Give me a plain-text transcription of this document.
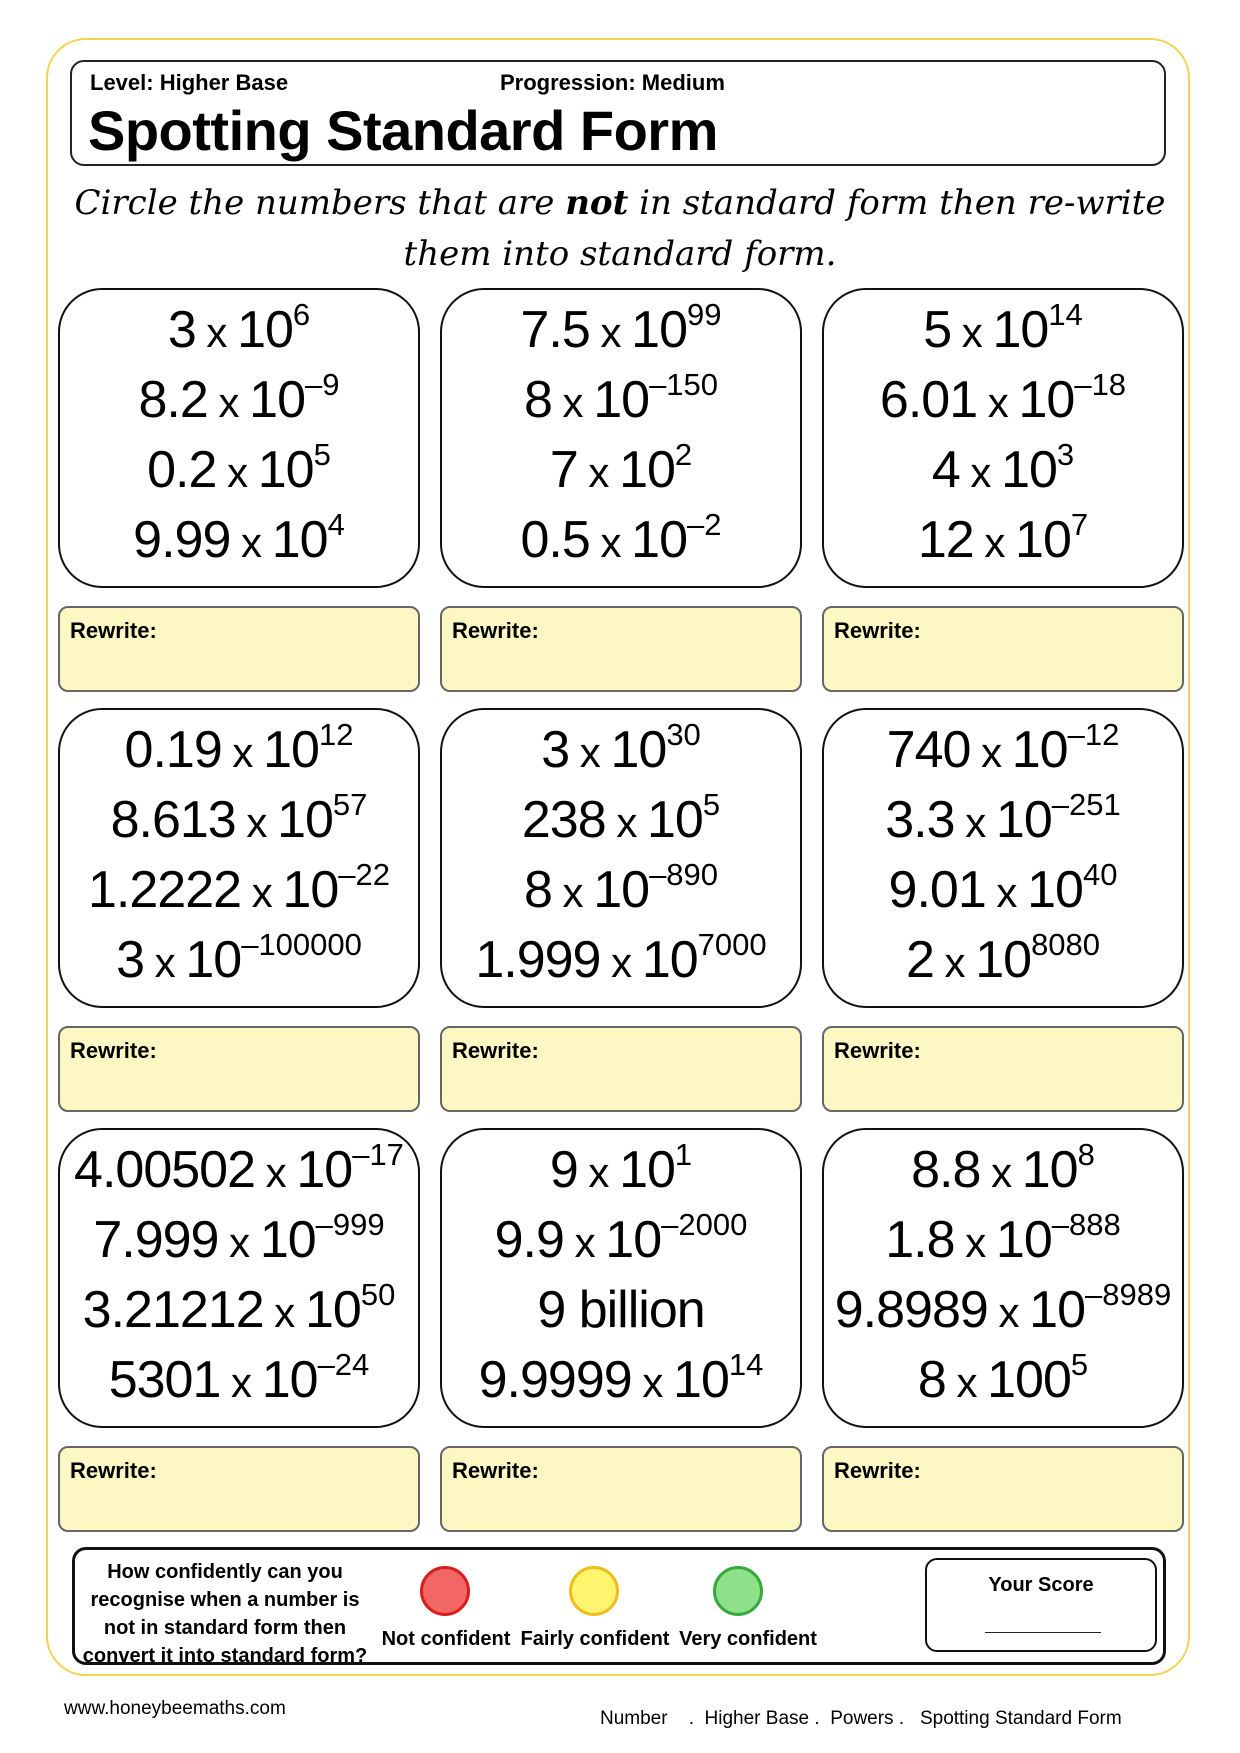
Level: Higher Base	Progression: Medium
Spotting Standard Form
Circle the numbers that are not in standard form then re-write them into standard form.
3 x $10^6$
8.2 x $10^{-9}$
0.2 x $10^5$
9.99 x $10^4$
Rewrite:
7.5 x $10^{99}$
8 x $10^{-150}$
7 x $10^2$
0.5 x $10^{-2}$
Rewrite:
5 x $10^{14}$
6.01 x $10^{-18}$
4 x $10^3$
12 x $10^7$
Rewrite:
0.19 x $10^{12}$
8.613 x $10^{57}$
1.2222 x $10^{-22}$
3 x $10^{-100000}$
Rewrite:
3 x $10^{30}$
238 x $10^5$
8 x $10^{-890}$
1.999 x $10^{7000}$
Rewrite:
740 x $10^{-12}$
3.3 x $10^{-251}$
9.01 x $10^{40}$
2 x $10^{8080}$
Rewrite:
4.00502 x $10^{-17}$
7.999 x $10^{-999}$
3.21212 x $10^{50}$
5301 x $10^{-24}$
Rewrite:
9 x $10^1$
9.9 x $10^{-2000}$
9 billion
9.9999 x $10^{14}$
Rewrite:
8.8 x $10^8$
1.8 x $10^{-888}$
9.8989 x $10^{-8989}$
8 x $100^5$
Rewrite:
How confidently can you recognise when a number is not in standard form then convert it into standard form?
Not confident Fairly confident Very confident
Your Score
www.honeybeemaths.com	Number    .  Higher Base .  Powers .   Spotting Standard Form
